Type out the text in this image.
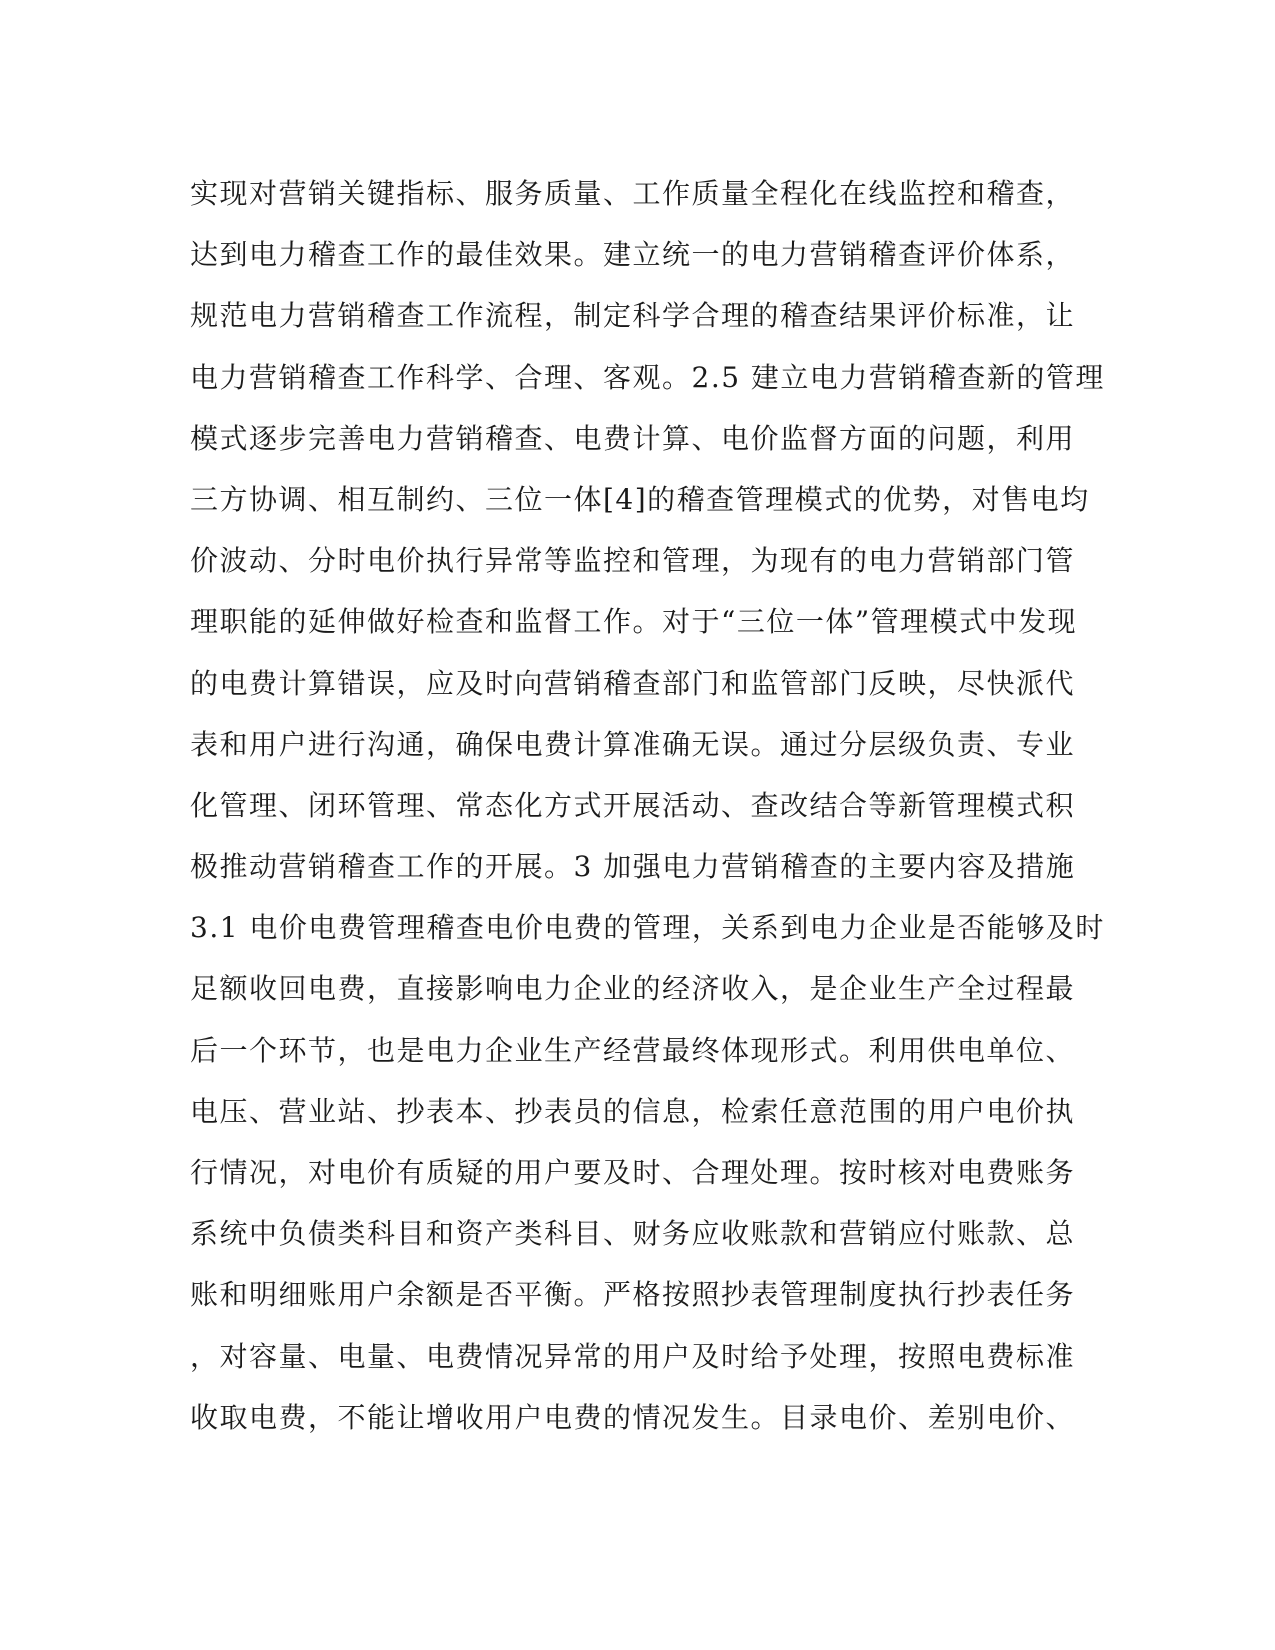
实现对营销关键指标、服务质量、工作质量全程化在线监控和稽查，
达到电力稽查工作的最佳效果。建立统一的电力营销稽查评价体系，
规范电力营销稽查工作流程，制定科学合理的稽查结果评价标准，让
电力营销稽查工作科学、合理、客观。2.5 建立电力营销稽查新的管理
模式逐步完善电力营销稽查、电费计算、电价监督方面的问题，利用
三方协调、相互制约、三位一体[4]的稽查管理模式的优势，对售电均
价波动、分时电价执行异常等监控和管理，为现有的电力营销部门管
理职能的延伸做好检查和监督工作。对于“三位一体”管理模式中发现
的电费计算错误，应及时向营销稽查部门和监管部门反映，尽快派代
表和用户进行沟通，确保电费计算准确无误。通过分层级负责、专业
化管理、闭环管理、常态化方式开展活动、查改结合等新管理模式积
极推动营销稽查工作的开展。3 加强电力营销稽查的主要内容及措施
3.1 电价电费管理稽查电价电费的管理，关系到电力企业是否能够及时
足额收回电费，直接影响电力企业的经济收入，是企业生产全过程最
后一个环节，也是电力企业生产经营最终体现形式。利用供电单位、
电压、营业站、抄表本、抄表员的信息，检索任意范围的用户电价执
行情况，对电价有质疑的用户要及时、合理处理。按时核对电费账务
系统中负债类科目和资产类科目、财务应收账款和营销应付账款、总
账和明细账用户余额是否平衡。严格按照抄表管理制度执行抄表任务
，对容量、电量、电费情况异常的用户及时给予处理，按照电费标准
收取电费，不能让增收用户电费的情况发生。目录电价、差别电价、
